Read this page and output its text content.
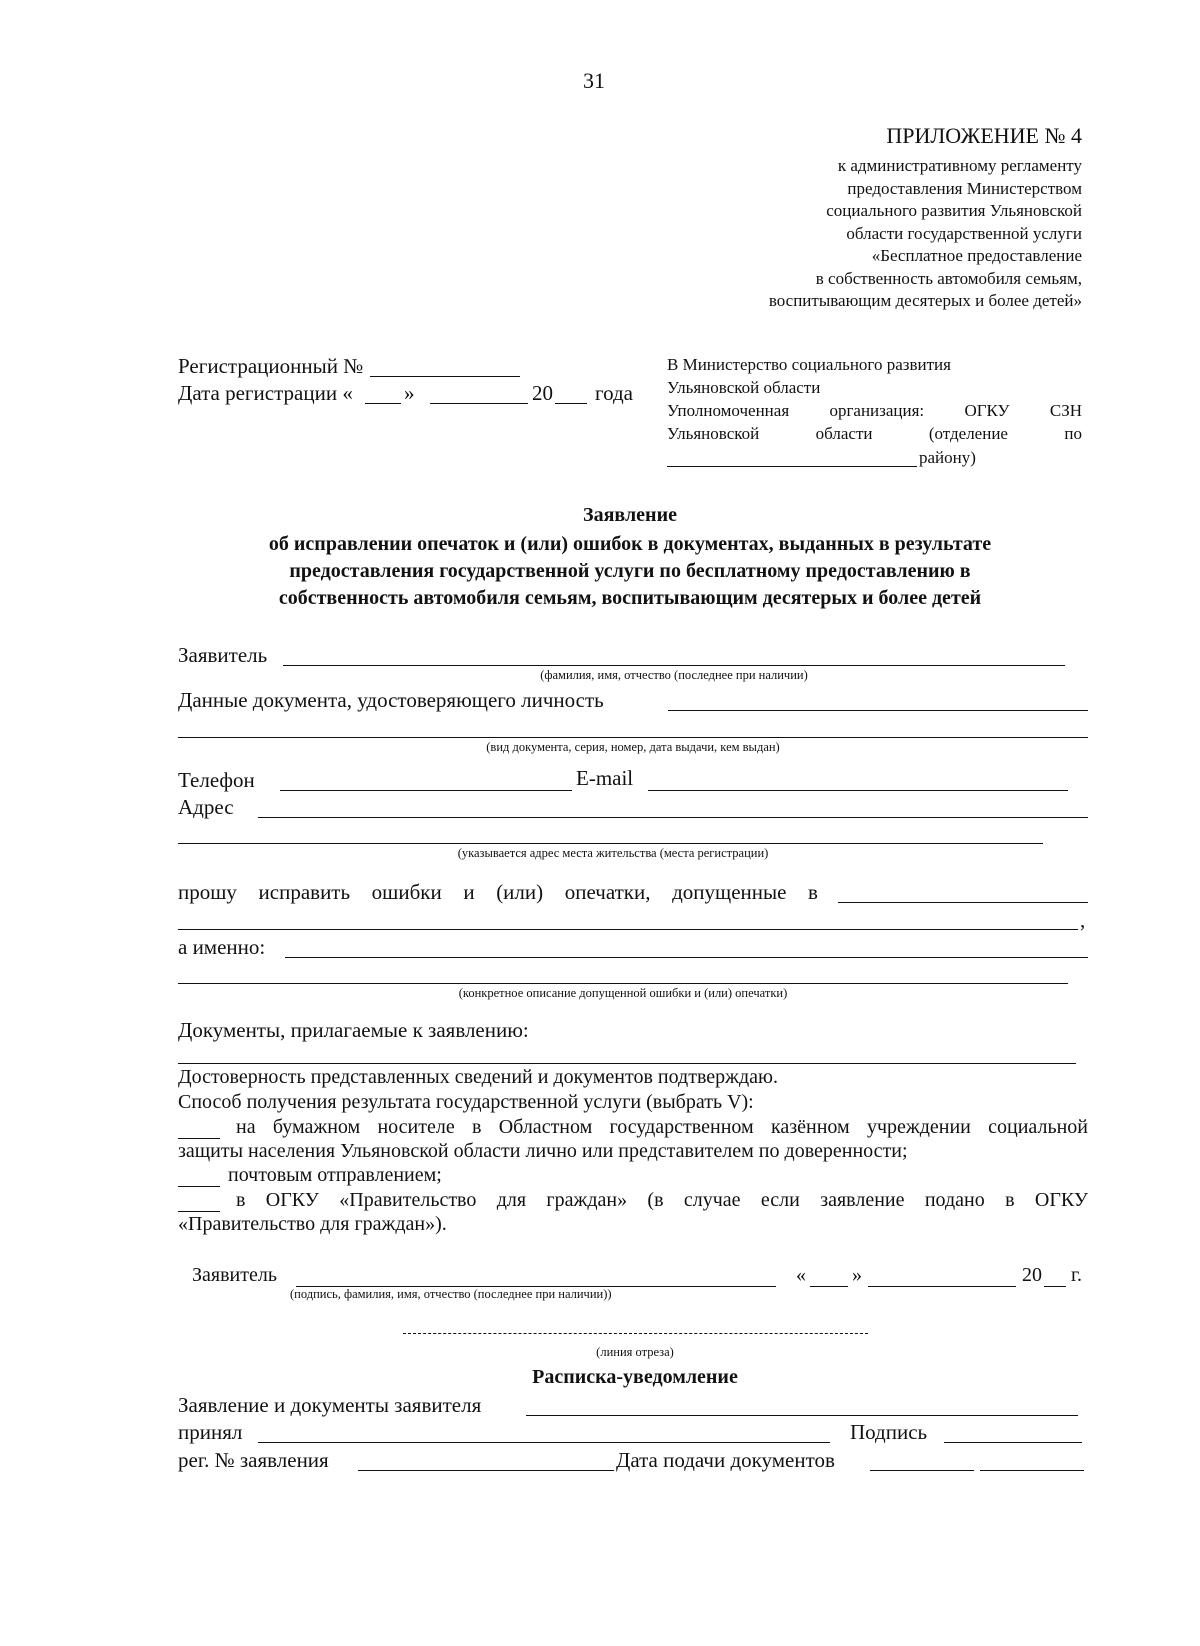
31
ПРИЛОЖЕНИЕ № 4
к административному регламенту
предоставления Министерством
социального развития Ульяновской
области государственной услуги
«Бесплатное предоставление
в собственность автомобиля семьям,
воспитывающим десятерых и более детей»
Регистрационный №
Дата регистрации « »	20 года
В Министерство социального развития
Ульяновской области
Уполномоченная организация: ОГКУ СЗН
Ульяновской	области	(отделение	по
району)
Заявление
об исправлении опечаток и (или) ошибок в документах, выданных в результате
предоставления государственной услуги по бесплатному предоставлению в
собственность автомобиля семьям, воспитывающим десятерых и более детей
Заявитель
(фамилия, имя, отчество (последнее при наличии)
Данные документа, удостоверяющего личность
(вид документа, серия, номер, дата выдачи, кем выдан)
Телефон	E-mail
Адрес
(указывается адрес места жительства (места регистрации)
прошу исправить ошибки и (или) опечатки, допущенные в
,
а именно:
(конкретное описание допущенной ошибки и (или) опечатки)
Документы, прилагаемые к заявлению:
Достоверность представленных сведений и документов подтверждаю.
Способ получения результата государственной услуги (выбрать V):
на бумажном носителе в Областном государственном казённом учреждении социальной
защиты населения Ульяновской области лично или представителем по доверенности;
почтовым отправлением;
в ОГКУ «Правительство для граждан» (в случае если заявление подано в ОГКУ
«Правительство для граждан»).
Заявитель
(подпись, фамилия, имя, отчество (последнее при наличии))
« »	20 г.
(линия отреза)
Расписка-уведомление
Заявление и документы заявителя
принял	Подпись
рег. № заявления	Дата подачи документов
